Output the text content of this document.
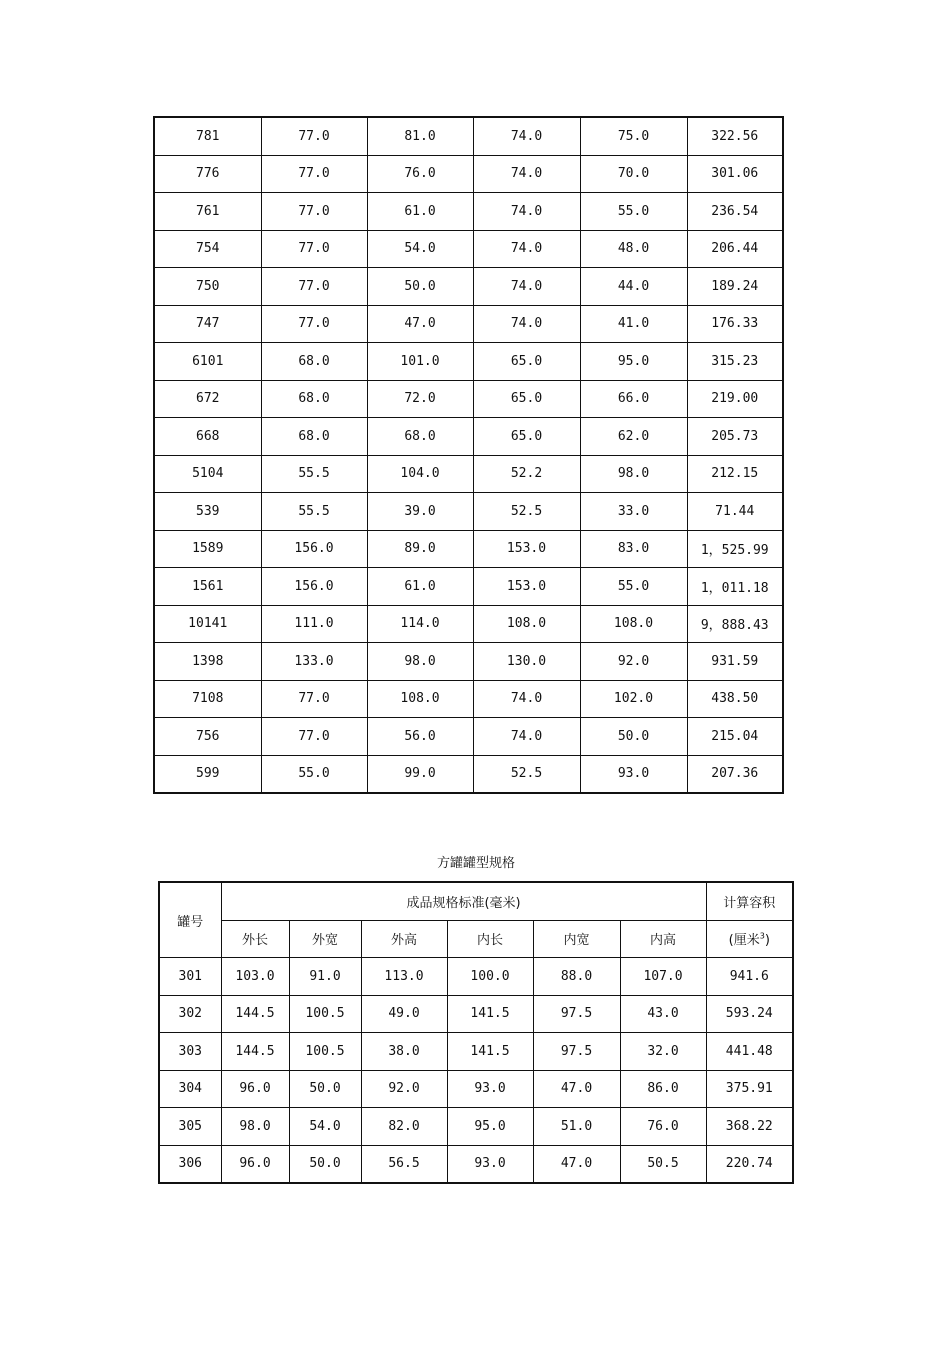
781	77.0	81.0	74.0	75.0	322.56
776	77.0	76.0	74.0	70.0	301.06
761	77.0	61.0	74.0	55.0	236.54
754	77.0	54.0	74.0	48.0	206.44
750	77.0	50.0	74.0	44.0	189.24
747	77.0	47.0	74.0	41.0	176.33
6101	68.0	101.0	65.0	95.0	315.23
672	68.0	72.0	65.0	66.0	219.00
668	68.0	68.0	65.0	62.0	205.73
5104	55.5	104.0	52.2	98.0	212.15
539	55.5	39.0	52.5	33.0	71.44
1589	156.0	89.0	153.0	83.0	1，525.99
1561	156.0	61.0	153.0	55.0	1，011.18
10141	111.0	114.0	108.0	108.0	9，888.43
1398	133.0	98.0	130.0	92.0	931.59
7108	77.0	108.0	74.0	102.0	438.50
756	77.0	56.0	74.0	50.0	215.04
599	55.0	99.0	52.5	93.0	207.36
方罐罐型规格
罐号	成品规格标准(毫米)						计算容积
	外长	外宽	外高	内长	内宽	内高	(厘米$^3$)
301	103.0	91.0	113.0	100.0	88.0	107.0	941.6
302	144.5	100.5	49.0	141.5	97.5	43.0	593.24
303	144.5	100.5	38.0	141.5	97.5	32.0	441.48
304	96.0	50.0	92.0	93.0	47.0	86.0	375.91
305	98.0	54.0	82.0	95.0	51.0	76.0	368.22
306	96.0	50.0	56.5	93.0	47.0	50.5	220.74
